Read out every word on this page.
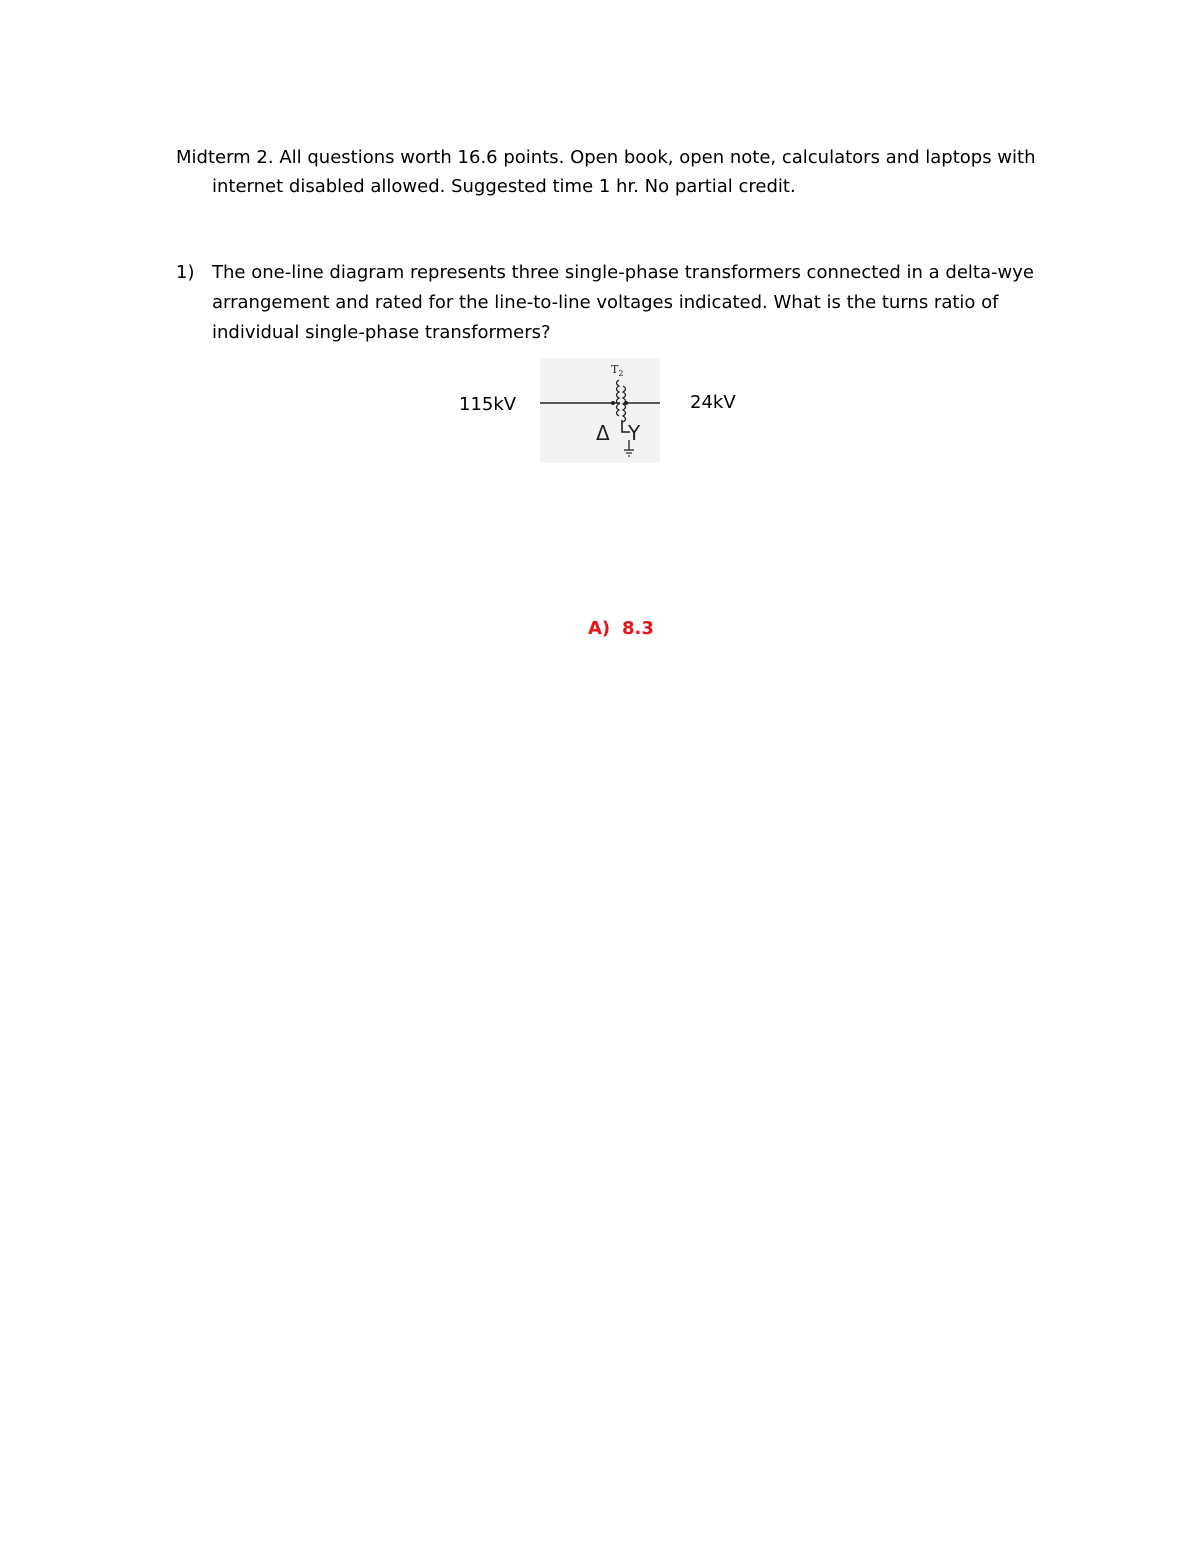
Midterm 2. All questions worth 16.6 points. Open book, open note, calculators and laptops with internet disabled allowed. Suggested time 1 hr. No partial credit.

1) The one-line diagram represents three single-phase transformers connected in a delta-wye arrangement and rated for the line-to-line voltages indicated. What is the turns ratio of individual single-phase transformers?
115kV
$T_2$
Δ Y
24kV
A) 8.3
